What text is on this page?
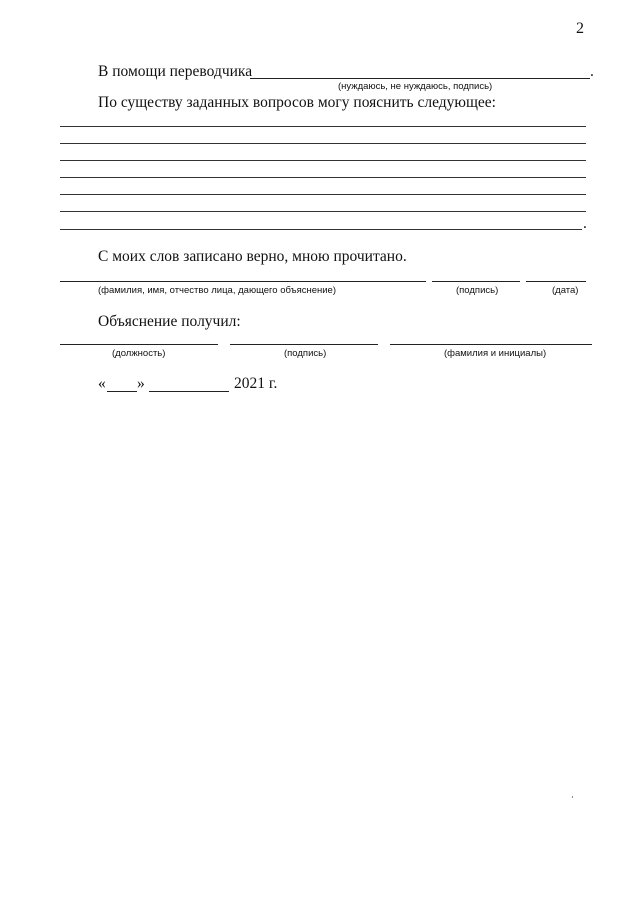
2
В помощи переводчика	.
(нуждаюсь, не нуждаюсь, подпись)
По существу заданных вопросов могу пояснить следующее:
.
С моих слов записано верно, мною прочитано.
(фамилия, имя, отчество лица, дающего объяснение)	(подпись)	(дата)
Объяснение получил:
(должность)	(подпись)	(фамилия и инициалы)
« »	2021 г.
˙
